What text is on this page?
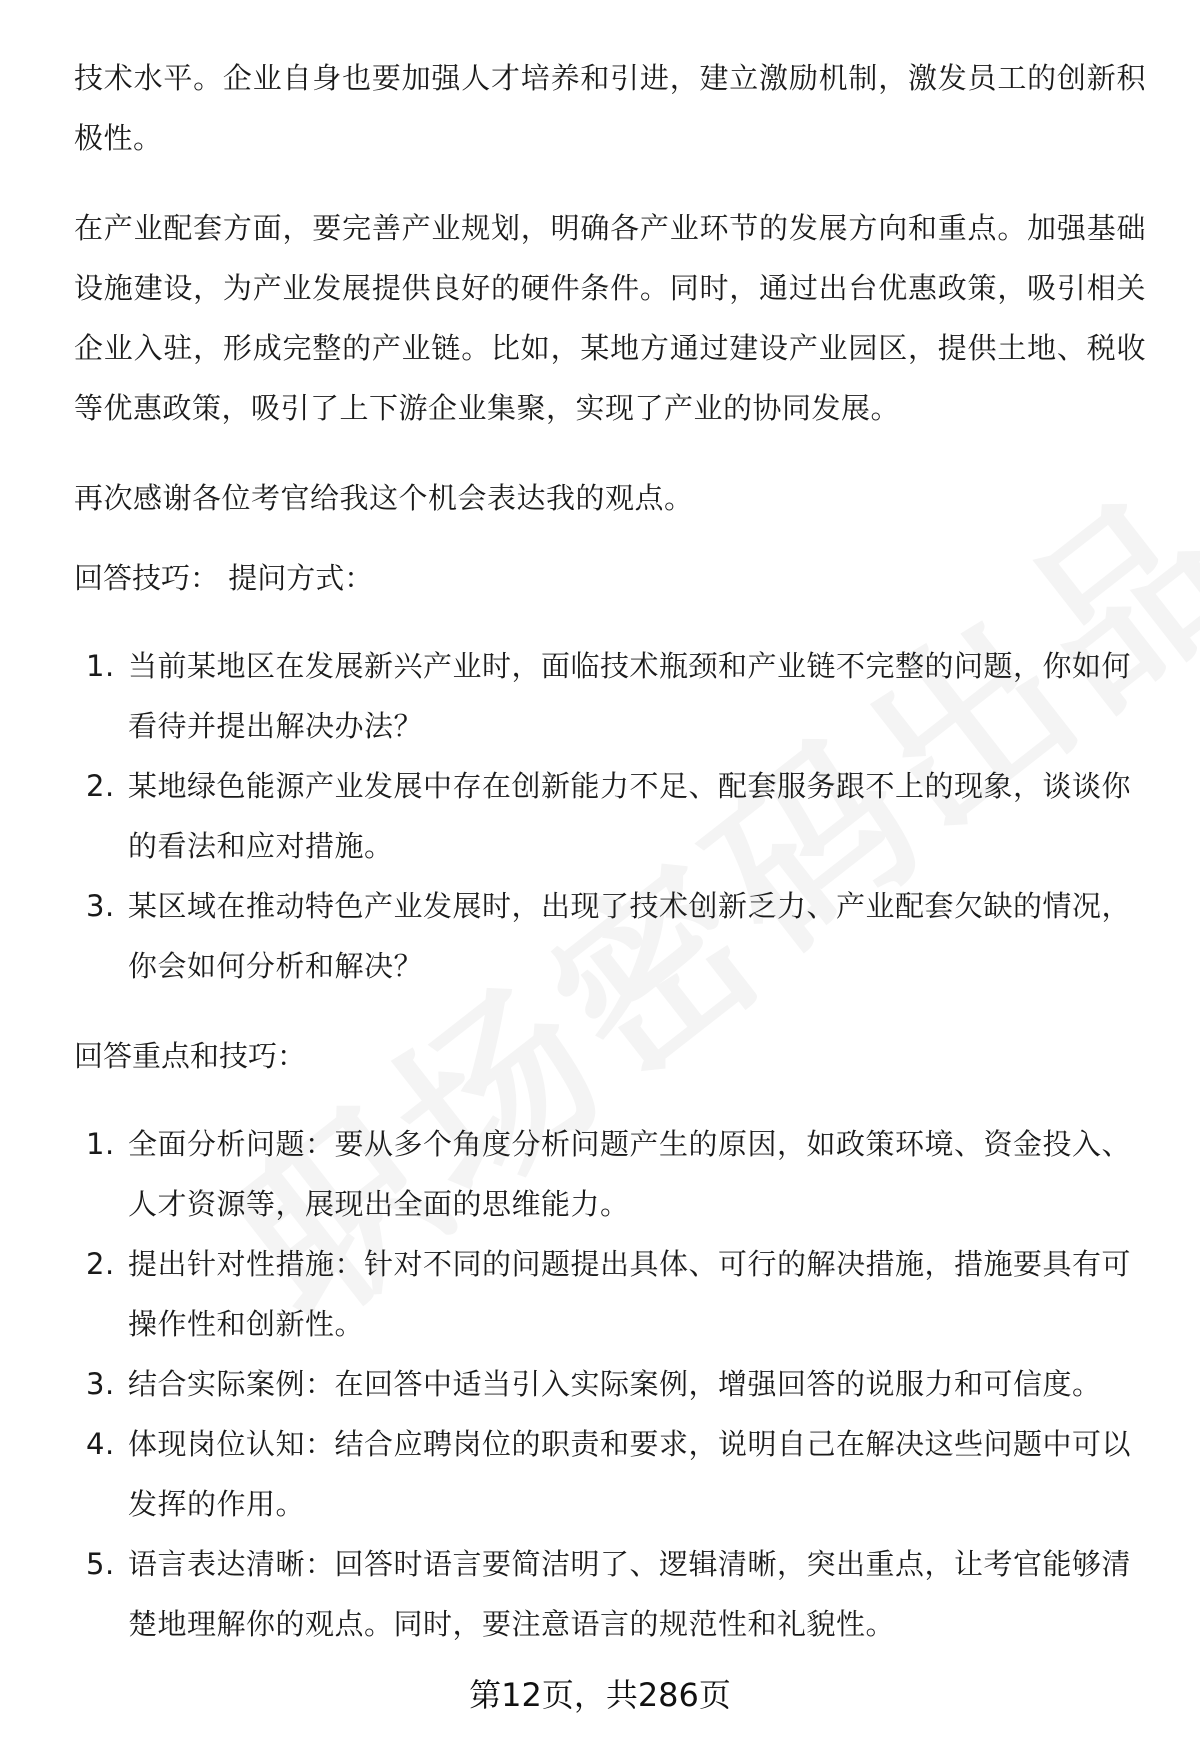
技术水平。企业自身也要加强人才培养和引进，建立激励机制，激发员工的创新积极性。

在产业配套方面，要完善产业规划，明确各产业环节的发展方向和重点。加强基础设施建设，为产业发展提供良好的硬件条件。同时，通过出台优惠政策，吸引相关企业入驻，形成完整的产业链。比如，某地方通过建设产业园区，提供土地、税收等优惠政策，吸引了上下游企业集聚，实现了产业的协同发展。

再次感谢各位考官给我这个机会表达我的观点。

回答技巧： 提问方式：

1. 当前某地区在发展新兴产业时，面临技术瓶颈和产业链不完整的问题，你如何看待并提出解决办法？
2. 某地绿色能源产业发展中存在创新能力不足、配套服务跟不上的现象，谈谈你的看法和应对措施。
3. 某区域在推动特色产业发展时，出现了技术创新乏力、产业配套欠缺的情况，你会如何分析和解决？

回答重点和技巧：

1. 全面分析问题：要从多个角度分析问题产生的原因，如政策环境、资金投入、人才资源等，展现出全面的思维能力。
2. 提出针对性措施：针对不同的问题提出具体、可行的解决措施，措施要具有可操作性和创新性。
3. 结合实际案例：在回答中适当引入实际案例，增强回答的说服力和可信度。
4. 体现岗位认知：结合应聘岗位的职责和要求，说明自己在解决这些问题中可以发挥的作用。
5. 语言表达清晰：回答时语言要简洁明了、逻辑清晰，突出重点，让考官能够清楚地理解你的观点。同时，要注意语言的规范性和礼貌性。
第12页，共286页
